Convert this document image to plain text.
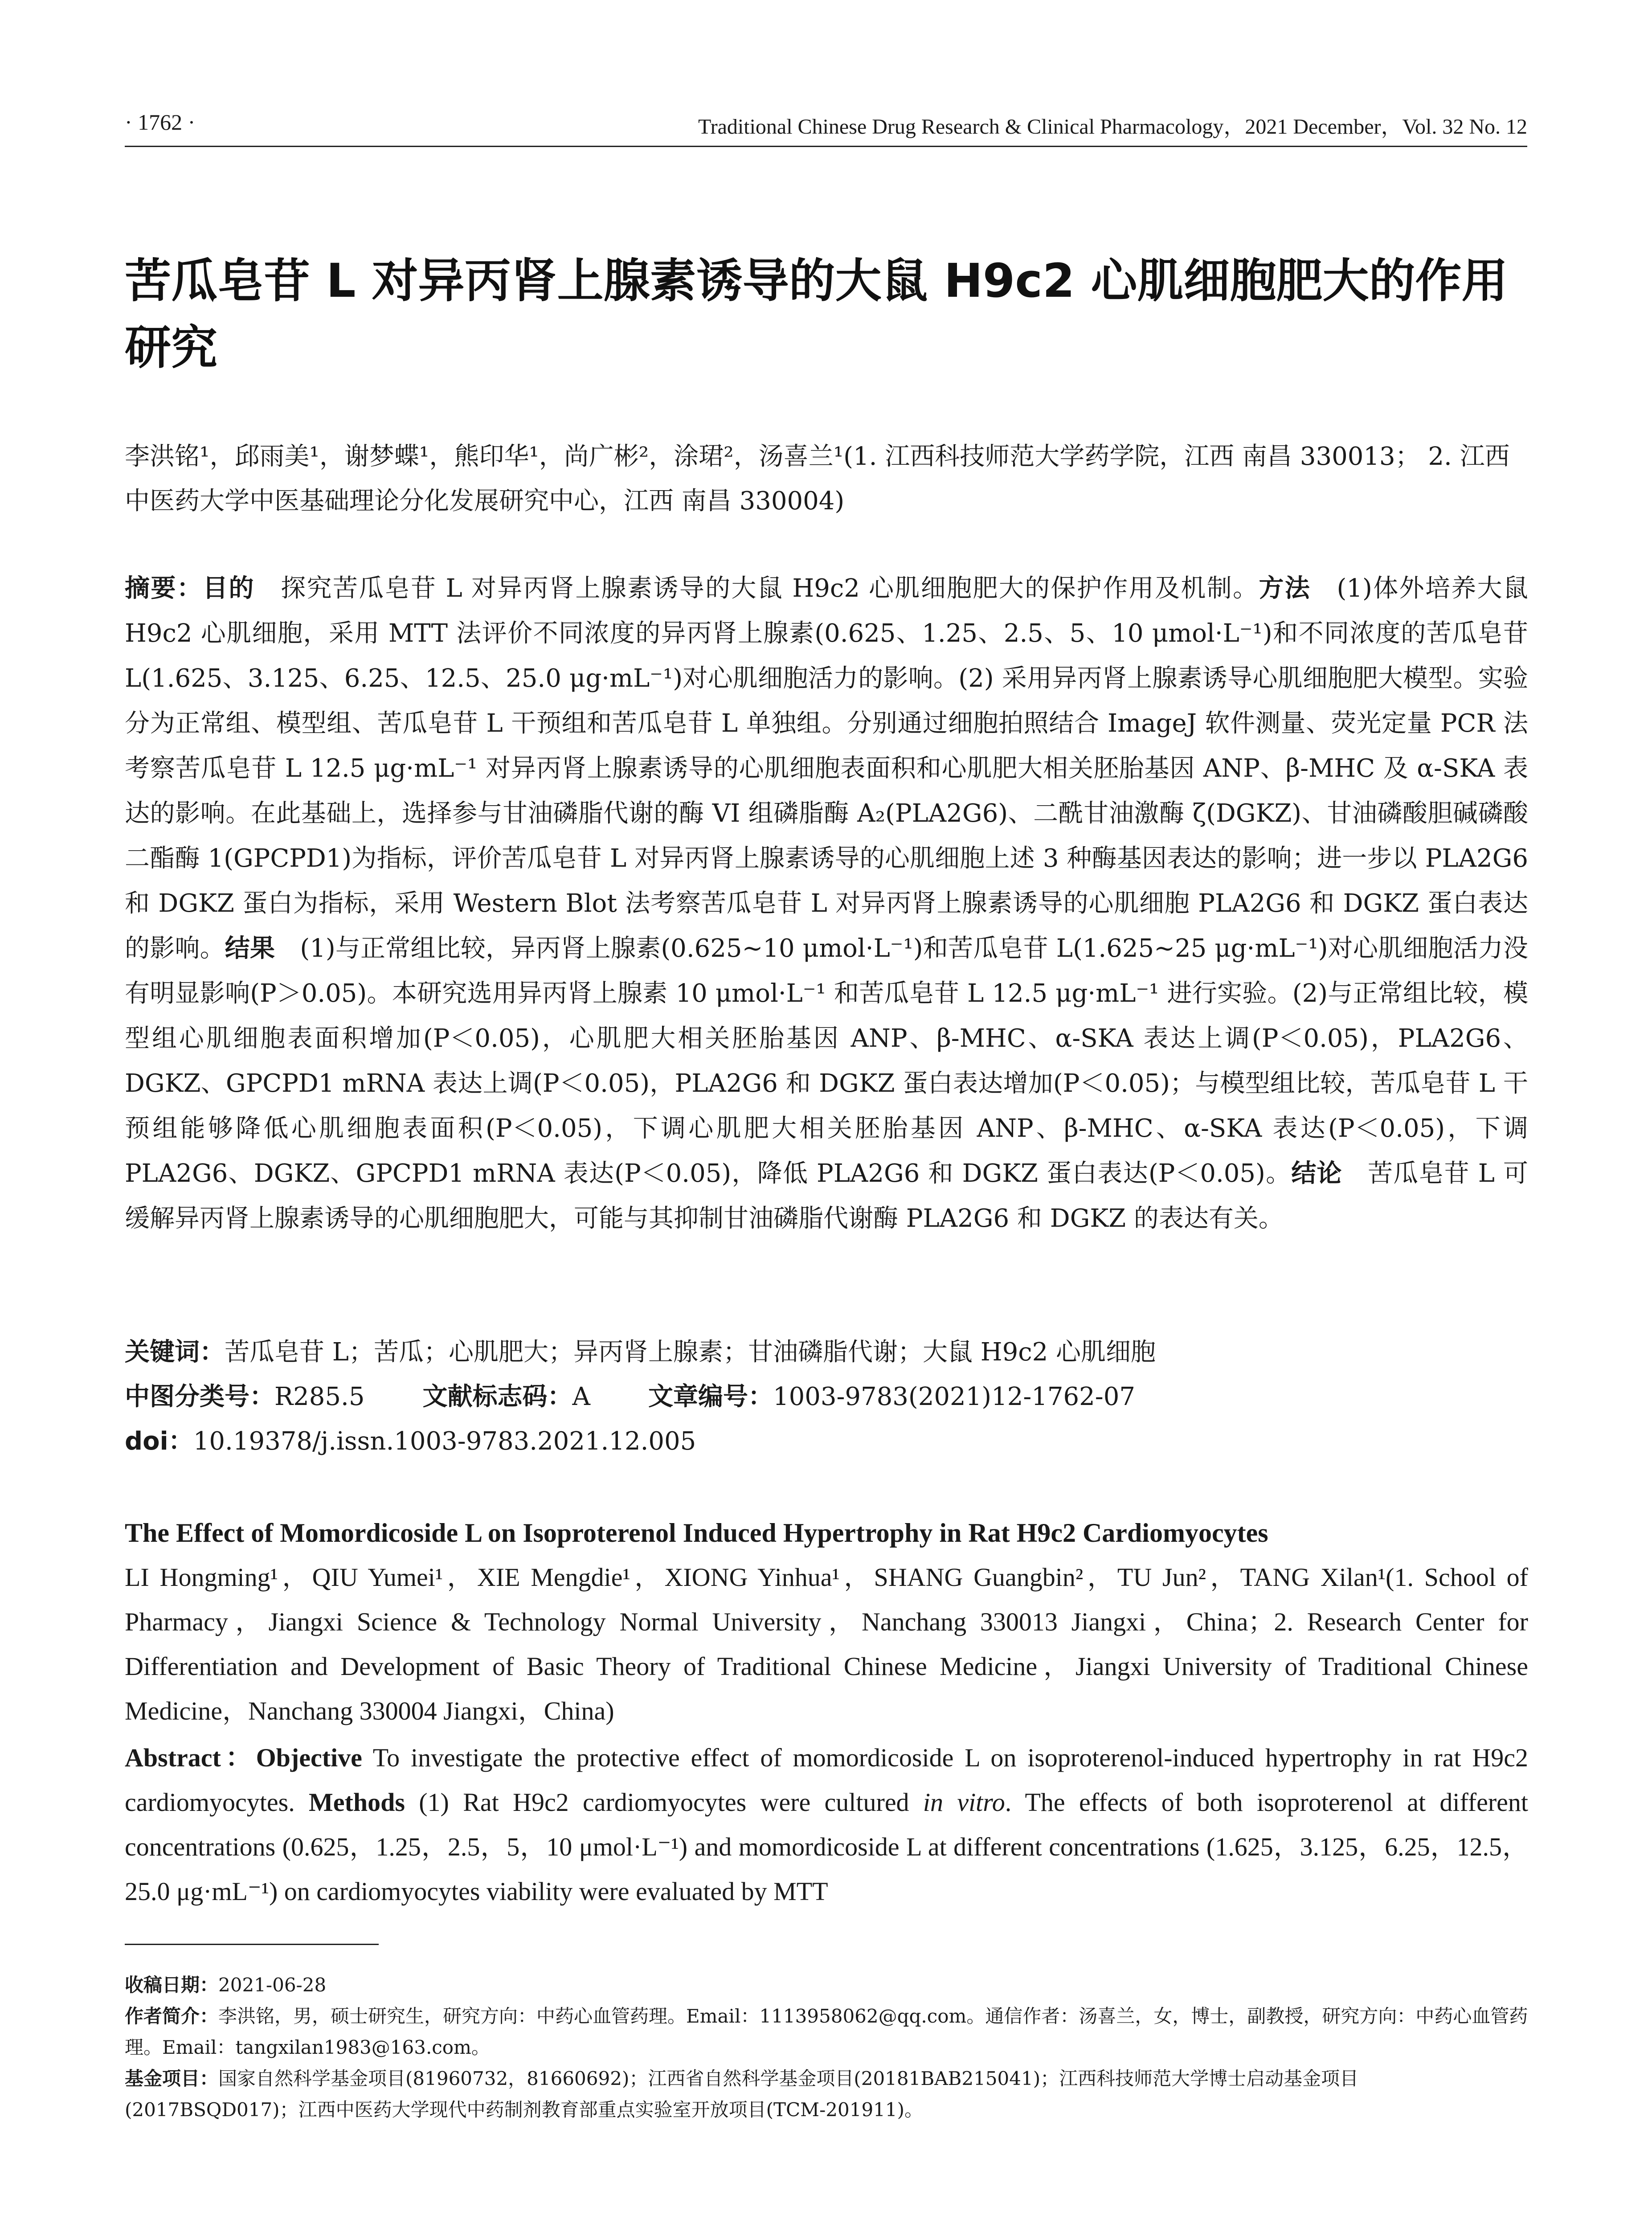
· 1762 ·	Traditional Chinese Drug Research & Clinical Pharmacology，2021 December，Vol. 32 No. 12
苦瓜皂苷 L 对异丙肾上腺素诱导的大鼠 H9c2 心肌细胞肥大的作用研究
李洪铭¹，邱雨美¹，谢梦蝶¹，熊印华¹，尚广彬²，涂珺²，汤喜兰¹(1. 江西科技师范大学药学院，江西 南昌 330013； 2. 江西中医药大学中医基础理论分化发展研究中心，江西 南昌 330004)
摘要：目的　探究苦瓜皂苷 L 对异丙肾上腺素诱导的大鼠 H9c2 心肌细胞肥大的保护作用及机制。方法　(1)体外培养大鼠 H9c2 心肌细胞，采用 MTT 法评价不同浓度的异丙肾上腺素(0.625、1.25、2.5、5、10 μmol·L⁻¹)和不同浓度的苦瓜皂苷 L(1.625、3.125、6.25、12.5、25.0 μg·mL⁻¹)对心肌细胞活力的影响。(2) 采用异丙肾上腺素诱导心肌细胞肥大模型。实验分为正常组、模型组、苦瓜皂苷 L 干预组和苦瓜皂苷 L 单独组。分别通过细胞拍照结合 ImageJ 软件测量、荧光定量 PCR 法考察苦瓜皂苷 L 12.5 μg·mL⁻¹ 对异丙肾上腺素诱导的心肌细胞表面积和心肌肥大相关胚胎基因 ANP、β-MHC 及 α-SKA 表达的影响。在此基础上，选择参与甘油磷脂代谢的酶 VI 组磷脂酶 A₂(PLA2G6)、二酰甘油激酶 ζ(DGKZ)、甘油磷酸胆碱磷酸二酯酶 1(GPCPD1)为指标，评价苦瓜皂苷 L 对异丙肾上腺素诱导的心肌细胞上述 3 种酶基因表达的影响；进一步以 PLA2G6 和 DGKZ 蛋白为指标，采用 Western Blot 法考察苦瓜皂苷 L 对异丙肾上腺素诱导的心肌细胞 PLA2G6 和 DGKZ 蛋白表达的影响。结果　(1)与正常组比较，异丙肾上腺素(0.625~10 μmol·L⁻¹)和苦瓜皂苷 L(1.625~25 μg·mL⁻¹)对心肌细胞活力没有明显影响(P＞0.05)。本研究选用异丙肾上腺素 10 μmol·L⁻¹ 和苦瓜皂苷 L 12.5 μg·mL⁻¹ 进行实验。(2)与正常组比较，模型组心肌细胞表面积增加(P＜0.05)，心肌肥大相关胚胎基因 ANP、β-MHC、α-SKA 表达上调(P＜0.05)，PLA2G6、DGKZ、GPCPD1 mRNA 表达上调(P＜0.05)，PLA2G6 和 DGKZ 蛋白表达增加(P＜0.05)；与模型组比较，苦瓜皂苷 L 干预组能够降低心肌细胞表面积(P＜0.05)，下调心肌肥大相关胚胎基因 ANP、β-MHC、α-SKA 表达(P＜0.05)，下调 PLA2G6、DGKZ、GPCPD1 mRNA 表达(P＜0.05)，降低 PLA2G6 和 DGKZ 蛋白表达(P＜0.05)。结论　苦瓜皂苷 L 可缓解异丙肾上腺素诱导的心肌细胞肥大，可能与其抑制甘油磷脂代谢酶 PLA2G6 和 DGKZ 的表达有关。
关键词：苦瓜皂苷 L；苦瓜；心肌肥大；异丙肾上腺素；甘油磷脂代谢；大鼠 H9c2 心肌细胞
中图分类号：R285.5 文献标志码：A 文章编号：1003-9783(2021)12-1762-07
doi：10.19378/j.issn.1003-9783.2021.12.005
The Effect of Momordicoside L on Isoproterenol Induced Hypertrophy in Rat H9c2 Cardiomyocytes
LI Hongming¹，QIU Yumei¹，XIE Mengdie¹，XIONG Yinhua¹，SHANG Guangbin²，TU Jun²，TANG Xilan¹(1. School of Pharmacy，Jiangxi Science & Technology Normal University，Nanchang 330013 Jiangxi，China；2. Research Center for Differentiation and Development of Basic Theory of Traditional Chinese Medicine，Jiangxi University of Traditional Chinese Medicine，Nanchang 330004 Jiangxi，China)
Abstract：Objective To investigate the protective effect of momordicoside L on isoproterenol-induced hypertrophy in rat H9c2 cardiomyocytes. Methods (1) Rat H9c2 cardiomyocytes were cultured in vitro. The effects of both isoproterenol at different concentrations (0.625，1.25，2.5，5，10 μmol·L⁻¹) and momordicoside L at different concentrations (1.625，3.125，6.25，12.5，25.0 μg·mL⁻¹) on cardiomyocytes viability were evaluated by MTT

收稿日期：2021-06-28

作者简介：李洪铭，男，硕士研究生，研究方向：中药心血管药理。Email：1113958062@qq.com。通信作者：汤喜兰，女，博士，副教授，研究方向：中药心血管药理。Email：tangxilan1983@163.com。

基金项目：国家自然科学基金项目(81960732，81660692)；江西省自然科学基金项目(20181BAB215041)；江西科技师范大学博士启动基金项目(2017BSQD017)；江西中医药大学现代中药制剂教育部重点实验室开放项目(TCM-201911)。
